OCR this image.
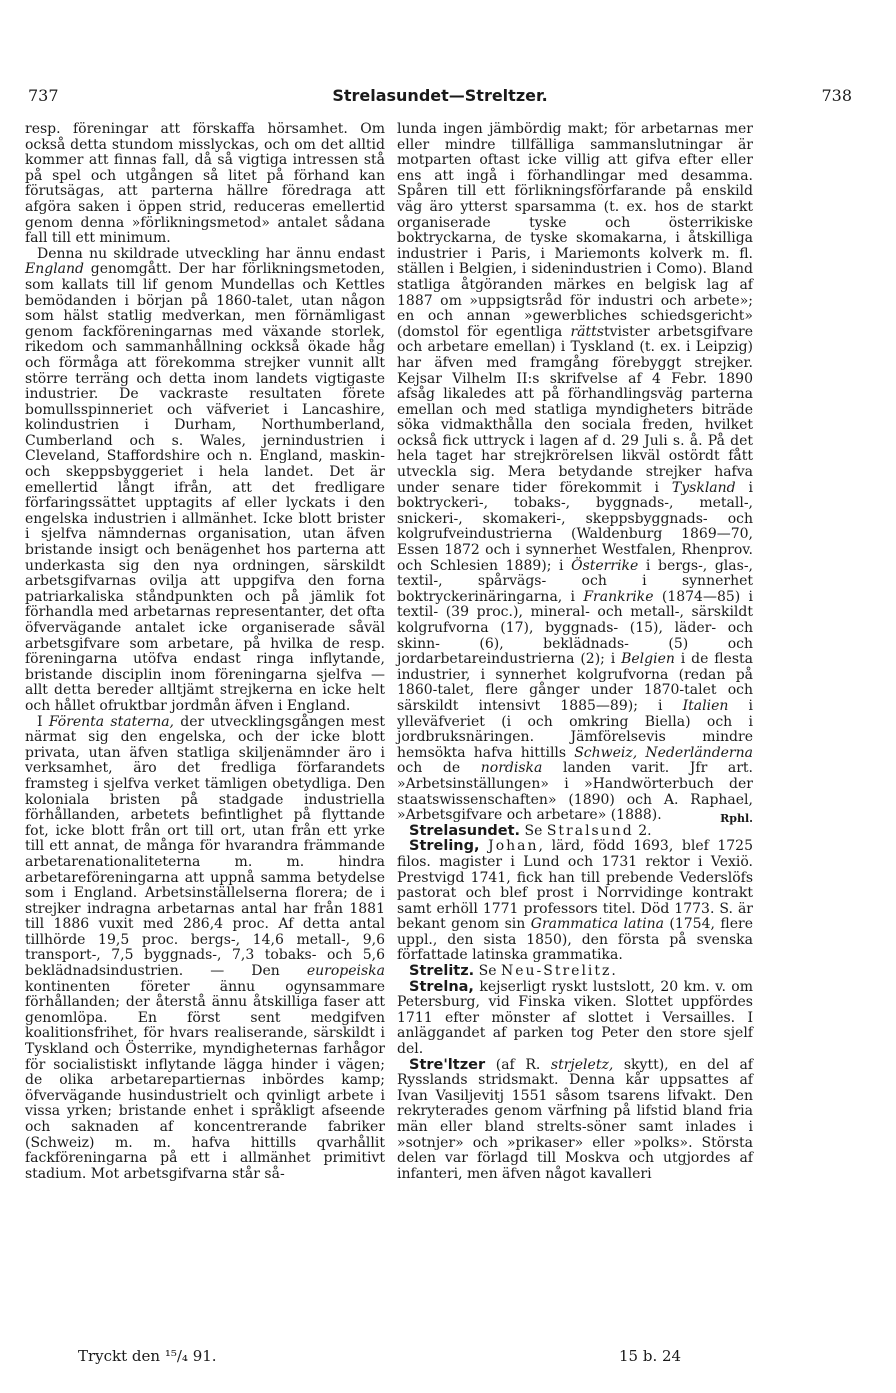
737	Strelasundet—Streltzer.	738

resp. föreningar att förskaffa hörsamhet. Om också detta stundom misslyckas, och om det alltid kommer att finnas fall, då så vigtiga intressen stå på spel och utgången så litet på förhand kan förutsägas, att parterna hällre föredraga att afgöra saken i öppen strid, reduceras emellertid genom denna »förlikningsmetod» antalet sådana fall till ett minimum.

Denna nu skildrade utveckling har ännu endast England genomgått. Der har förlikningsmetoden, som kallats till lif genom Mundellas och Kettles bemödanden i början på 1860-talet, utan någon som hälst statlig medverkan, men förnämligast genom fackföreningarnas med växande storlek, rikedom och sammanhållning ockkså ökade håg och förmåga att förekomma strejker vunnit allt större terräng och detta inom landets vigtigaste industrier. De vackraste resultaten förete bomullsspinneriet och väfveriet i Lancashire, kolindustrien i Durham, Northumberland, Cumberland och s. Wales, jernindustrien i Cleveland, Staffordshire och n. England, maskin- och skeppsbyggeriet i hela landet. Det är emellertid långt ifrån, att det fredligare förfaringssättet upptagits af eller lyckats i den engelska industrien i allmänhet. Icke blott brister i sjelfva nämndernas organisation, utan äfven bristande insigt och benägenhet hos parterna att underkasta sig den nya ordningen, särskildt arbetsgifvarnas ovilja att uppgifva den forna patriarkaliska ståndpunkten och på jämlik fot förhandla med arbetarnas representanter, det ofta öfvervägande antalet icke organiserade såväl arbetsgifvare som arbetare, på hvilka de resp. föreningarna utöfva endast ringa inflytande, bristande disciplin inom föreningarna sjelfva — allt detta bereder alltjämt strejkerna en icke helt och hållet ofruktbar jordmån äfven i England.

I Förenta staterna, der utvecklingsgången mest närmat sig den engelska, och der icke blott privata, utan äfven statliga skiljenämnder äro i verksamhet, äro det fredliga förfarandets framsteg i sjelfva verket tämligen obetydliga. Den koloniala bristen på stadgade industriella förhållanden, arbetets befintlighet på flyttande fot, icke blott från ort till ort, utan från ett yrke till ett annat, de många för hvarandra främmande arbetarenationaliteterna m. m. hindra arbetareföreningarna att uppnå samma betydelse som i England. Arbetsinställelserna florera; de i strejker indragna arbetarnas antal har från 1881 till 1886 vuxit med 286,4 proc. Af detta antal tillhörde 19,5 proc. bergs-, 14,6 metall-, 9,6 transport-, 7,5 byggnads-, 7,3 tobaks- och 5,6 beklädnadsindustrien. — Den europeiska kontinenten företer ännu ogynsammare förhållanden; der återstå ännu åtskilliga faser att genomlöpa. En först sent medgifven koalitionsfrihet, för hvars realiserande, särskildt i Tyskland och Österrike, myndigheternas farhågor för socialistiskt inflytande lägga hinder i vägen; de olika arbetarepartiernas inbördes kamp; öfvervägande husindustrielt och qvinligt arbete i vissa yrken; bristande enhet i språkligt afseende och saknaden af koncentrerande fabriker (Schweiz) m. m. hafva hittills qvarhållit fackföreningarna på ett i allmänhet primitivt stadium. Mot arbetsgifvarna står så-

lunda ingen jämbördig makt; för arbetarnas mer eller mindre tillfälliga sammanslutningar är motparten oftast icke villig att gifva efter eller ens att ingå i förhandlingar med desamma. Spåren till ett förlikningsförfarande på enskild väg äro ytterst sparsamma (t. ex. hos de starkt organiserade tyske och österrikiske boktryckarna, de tyske skomakarna, i åtskilliga industrier i Paris, i Mariemonts kolverk m. fl. ställen i Belgien, i sidenindustrien i Como). Bland statliga åtgöranden märkes en belgisk lag af 1887 om »uppsigtsråd för industri och arbete»; en och annan »gewerbliches schiedsgericht» (domstol för egentliga rättstvister arbetsgifvare och arbetare emellan) i Tyskland (t. ex. i Leipzig) har äfven med framgång förebyggt strejker. Kejsar Vilhelm II:s skrifvelse af 4 Febr. 1890 afsåg likaledes att på förhandlingsväg parterna emellan och med statliga myndigheters biträde söka vidmakthålla den sociala freden, hvilket också fick uttryck i lagen af d. 29 Juli s. å. På det hela taget har strejkrörelsen likväl ostördt fått utveckla sig. Mera betydande strejker hafva under senare tider förekommit i Tyskland i boktryckeri-, tobaks-, byggnads-, metall-, snickeri-, skomakeri-, skeppsbyggnads- och kolgrufveindustrierna (Waldenburg 1869—70, Essen 1872 och i synnerhet Westfalen, Rhenprov. och Schlesien 1889); i Österrike i bergs-, glas-, textil-, spårvägs- och i synnerhet boktryckerinäringarna, i Frankrike (1874—85) i textil- (39 proc.), mineral- och metall-, särskildt kolgrufvorna (17), byggnads- (15), läder- och skinn- (6), beklädnads- (5) och jordarbetareindustrierna (2); i Belgien i de flesta industrier, i synnerhet kolgrufvorna (redan på 1860-talet, flere gånger under 1870-talet och särskildt intensivt 1885—89); i Italien i ylleväfveriet (i och omkring Biella) och i jordbruksnäringen. Jämförelsevis mindre hemsökta hafva hittills Schweiz, Nederländerna och de nordiska landen varit. Jfr art. »Arbetsinställungen» i »Handwörterbuch der staatswissenschaften» (1890) och A. Raphael, »Arbetsgifvare och arbetare» (1888).	Rphl.

Strelasundet. Se Stralsund 2.

Streling, Johan, lärd, född 1693, blef 1725 filos. magister i Lund och 1731 rektor i Vexiö. Prestvigd 1741, fick han till prebende Vederslöfs pastorat och blef prost i Norrvidinge kontrakt samt erhöll 1771 professors titel. Död 1773. S. är bekant genom sin Grammatica latina (1754, flere uppl., den sista 1850), den första på svenska författade latinska grammatika.

Strelitz. Se Neu-Strelitz.

Strelna, kejserligt ryskt lustslott, 20 km. v. om Petersburg, vid Finska viken. Slottet uppfördes 1711 efter mönster af slottet i Versailles. I anläggandet af parken tog Peter den store sjelf del.

Stre'ltzer (af R. strjeletz, skytt), en del af Rysslands stridsmakt. Denna kår uppsattes af Ivan Vasiljevitj 1551 såsom tsarens lifvakt. Den rekryterades genom värfning på lifstid bland fria män eller bland strelts-söner samt inlades i »sotnjer» och »prikaser» eller »polks». Största delen var förlagd till Moskva och utgjordes af infanteri, men äfven något kavalleri

Tryckt den ¹⁵/₄ 91.	15 b. 24
